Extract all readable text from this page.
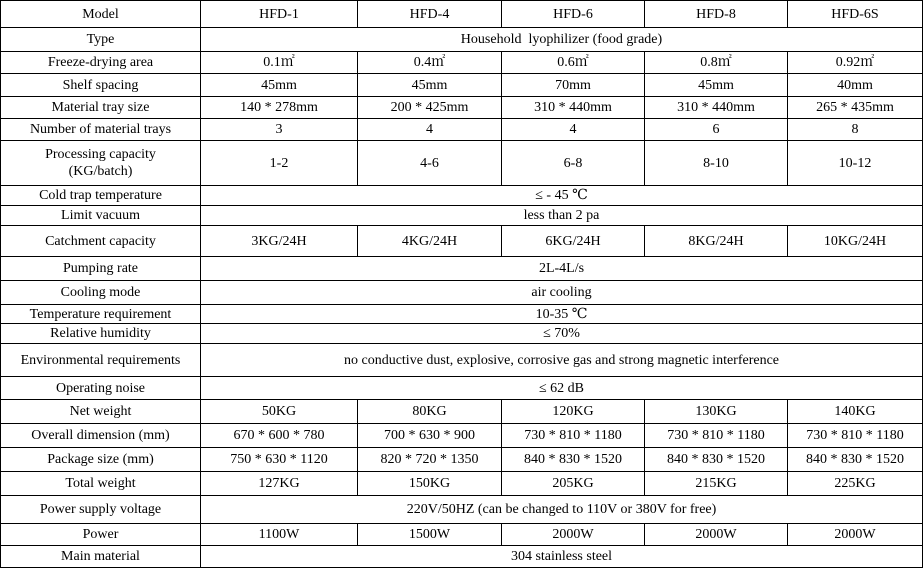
Model	HFD-1	HFD-4	HFD-6	HFD-8	HFD-6S
Type	Household  lyophilizer (food grade)				
Freeze-drying area	0.1㎡	0.4㎡	0.6㎡	0.8㎡	0.92㎡
Shelf spacing	45mm	45mm	70mm	45mm	40mm
Material tray size	140 * 278mm	200 * 425mm	310 * 440mm	310 * 440mm	265 * 435mm
Number of material trays	3	4	4	6	8
Processing capacity (KG/batch)	1-2	4-6	6-8	8-10	10-12
Cold trap temperature	≤ - 45 ℃				
Limit vacuum	less than 2 pa				
Catchment capacity	3KG/24H	4KG/24H	6KG/24H	8KG/24H	10KG/24H
Pumping rate	2L-4L/s				
Cooling mode	air cooling				
Temperature requirement	10-35 ℃				
Relative humidity	≤ 70%				
Environmental requirements	no conductive dust, explosive, corrosive gas and strong magnetic interference				
Operating noise	≤ 62 dB				
Net weight	50KG	80KG	120KG	130KG	140KG
Overall dimension (mm)	670 * 600 * 780	700 * 630 * 900	730 * 810 * 1180	730 * 810 * 1180	730 * 810 * 1180
Package size (mm)	750 * 630 * 1120	820 * 720 * 1350	840 * 830 * 1520	840 * 830 * 1520	840 * 830 * 1520
Total weight	127KG	150KG	205KG	215KG	225KG
Power supply voltage	220V/50HZ (can be changed to 110V or 380V for free)				
Power	1100W	1500W	2000W	2000W	2000W
Main material	304 stainless steel				
